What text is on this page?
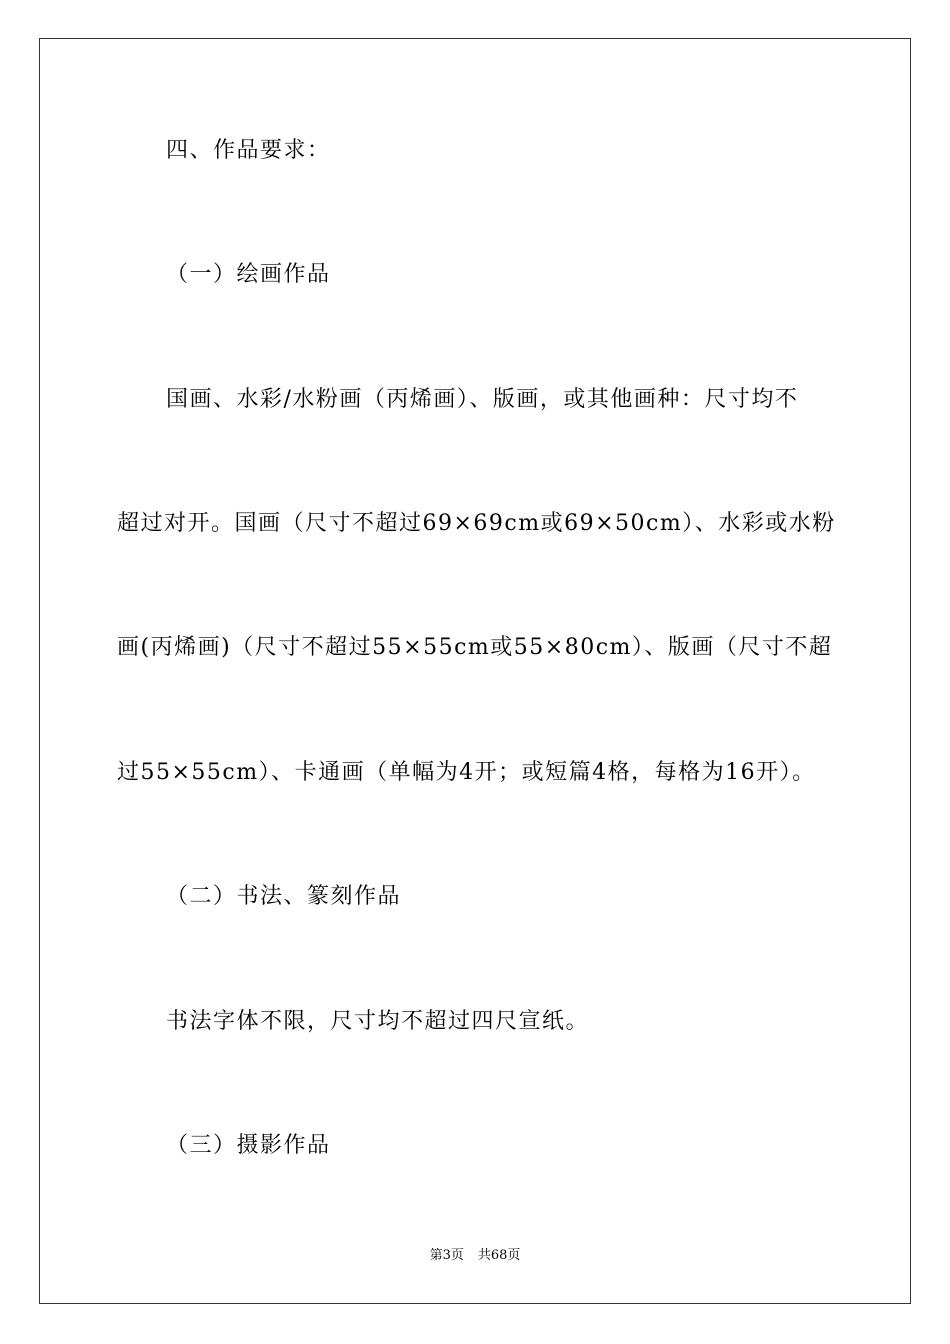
四、作品要求：
（一）绘画作品
国画、水彩/水粉画（丙烯画）、版画，或其他画种：尺寸均不
超过对开。国画（尺寸不超过69×69cm或69×50cm）、水彩或水粉
画(丙烯画)（尺寸不超过55×55cm或55×80cm）、版画（尺寸不超
过55×55cm）、卡通画（单幅为4开；或短篇4格，每格为16开）。
（二）书法、篆刻作品
书法字体不限，尺寸均不超过四尺宣纸。
（三）摄影作品
第3页 共68页
